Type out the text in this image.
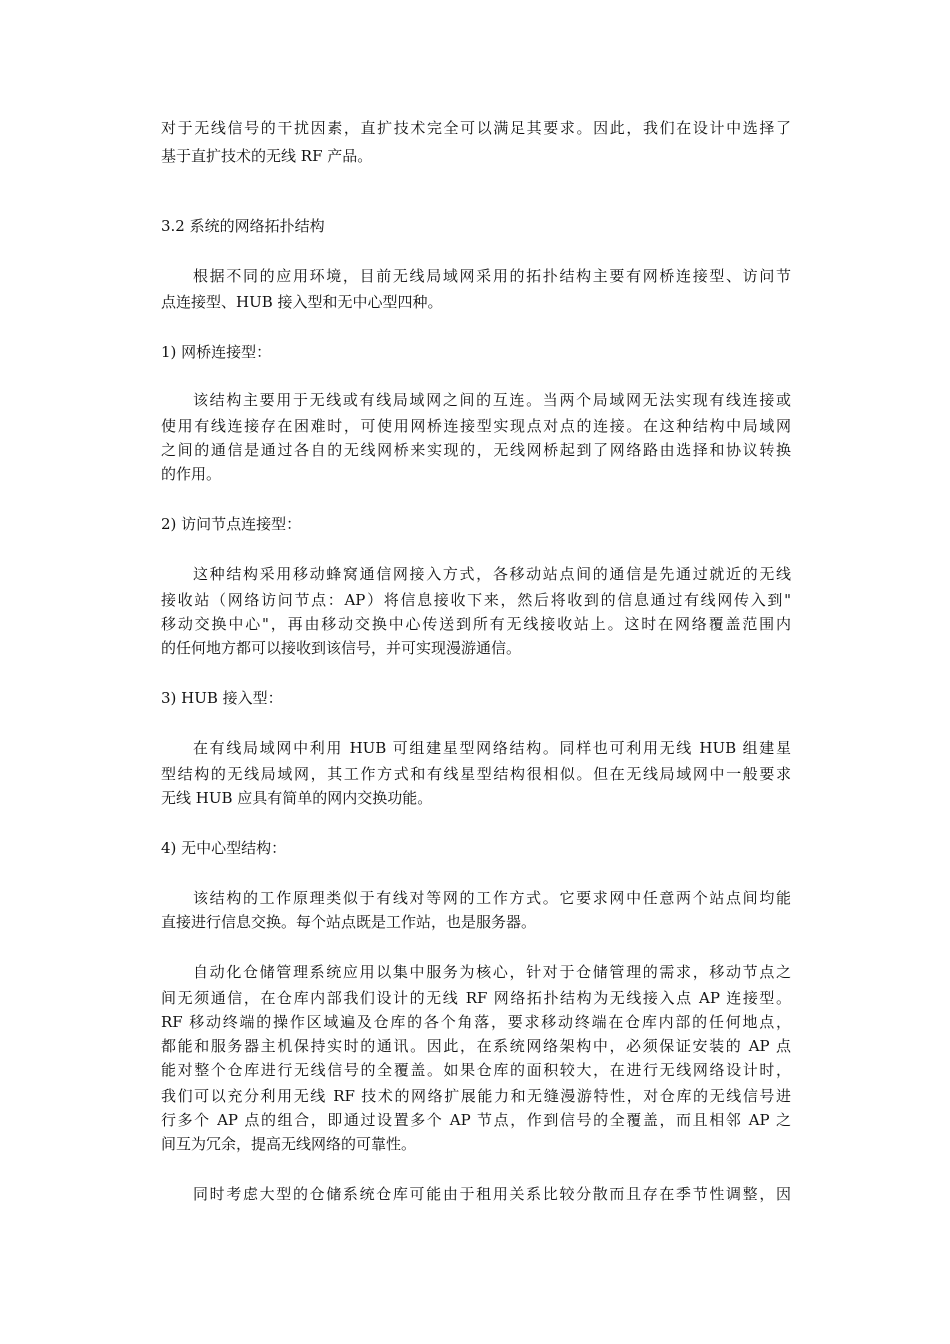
对于无线信号的干扰因素，直扩技术完全可以满足其要求。因此，我们在设计中选择了
基于直扩技术的无线 RF 产品。
3.2 系统的网络拓扑结构
根据不同的应用环境，目前无线局域网采用的拓扑结构主要有网桥连接型、访问节
点连接型、HUB 接入型和无中心型四种。
1) 网桥连接型：
该结构主要用于无线或有线局域网之间的互连。当两个局域网无法实现有线连接或
使用有线连接存在困难时，可使用网桥连接型实现点对点的连接。在这种结构中局域网
之间的通信是通过各自的无线网桥来实现的，无线网桥起到了网络路由选择和协议转换
的作用。
2) 访问节点连接型：
这种结构采用移动蜂窝通信网接入方式，各移动站点间的通信是先通过就近的无线
接收站（网络访问节点：AP）将信息接收下来，然后将收到的信息通过有线网传入到"
移动交换中心"，再由移动交换中心传送到所有无线接收站上。这时在网络覆盖范围内
的任何地方都可以接收到该信号，并可实现漫游通信。
3) HUB 接入型：
在有线局域网中利用 HUB 可组建星型网络结构。同样也可利用无线 HUB 组建星
型结构的无线局域网，其工作方式和有线星型结构很相似。但在无线局域网中一般要求
无线 HUB 应具有简单的网内交换功能。
4) 无中心型结构：
该结构的工作原理类似于有线对等网的工作方式。它要求网中任意两个站点间均能
直接进行信息交换。每个站点既是工作站，也是服务器。
自动化仓储管理系统应用以集中服务为核心，针对于仓储管理的需求，移动节点之
间无须通信，在仓库内部我们设计的无线 RF 网络拓扑结构为无线接入点 AP 连接型。
RF 移动终端的操作区域遍及仓库的各个角落，要求移动终端在仓库内部的任何地点，
都能和服务器主机保持实时的通讯。因此，在系统网络架构中，必须保证安装的 AP 点
能对整个仓库进行无线信号的全覆盖。如果仓库的面积较大，在进行无线网络设计时，
我们可以充分利用无线 RF 技术的网络扩展能力和无缝漫游特性，对仓库的无线信号进
行多个 AP 点的组合，即通过设置多个 AP 节点，作到信号的全覆盖，而且相邻 AP 之
间互为冗余，提高无线网络的可靠性。
同时考虑大型的仓储系统仓库可能由于租用关系比较分散而且存在季节性调整，因
